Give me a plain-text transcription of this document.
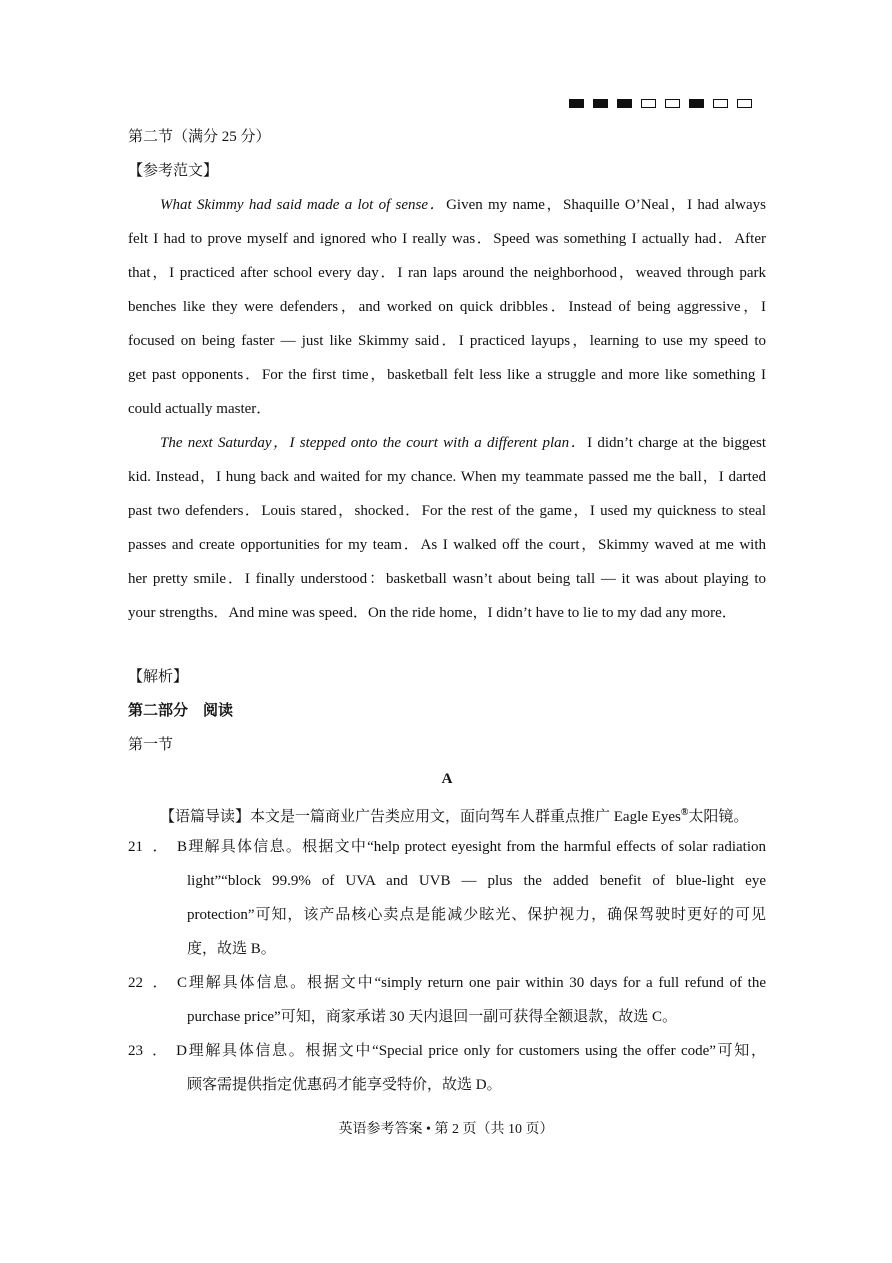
第二节（满分 25 分）
【参考范文】
What Skimmy had said made a lot of sense．Given my name，Shaquille O’Neal，I had always
felt I had to prove myself and ignored who I really was．Speed was something I actually had．After
that，I practiced after school every day．I ran laps around the neighborhood，weaved through park
benches like they were defenders，and worked on quick dribbles．Instead of being aggressive，I
focused on being faster — just like Skimmy said．I practiced layups，learning to use my speed to
get past opponents．For the first time，basketball felt less like a struggle and more like something I
could actually master．
The next Saturday，I stepped onto the court with a different plan．I didn’t charge at the biggest
kid. Instead，I hung back and waited for my chance. When my teammate passed me the ball，I darted
past two defenders．Louis stared，shocked．For the rest of the game，I used my quickness to steal
passes and create opportunities for my team．As I walked off the court，Skimmy waved at me with
her pretty smile．I finally understood：basketball wasn’t about being tall — it was about playing to
your strengths．And mine was speed．On the ride home，I didn’t have to lie to my dad any more．
【解析】
第二部分　阅读
第一节
A
【语篇导读】本文是一篇商业广告类应用文，面向驾车人群重点推广 Eagle Eyes®太阳镜。
21．B理解具体信息。根据文中“help protect eyesight from the harmful effects of solar radiation
light”“block 99.9% of UVA and UVB — plus the added benefit of blue-light eye
protection”可知，该产品核心卖点是能减少眩光、保护视力，确保驾驶时更好的可见
度，故选 B。
22．C理解具体信息。根据文中“simply return one pair within 30 days for a full refund of the
purchase price”可知，商家承诺 30 天内退回一副可获得全额退款，故选 C。
23．D理解具体信息。根据文中“Special price only for customers using the offer code”可知，
顾客需提供指定优惠码才能享受特价，故选 D。
英语参考答案 • 第 2 页（共 10 页）
